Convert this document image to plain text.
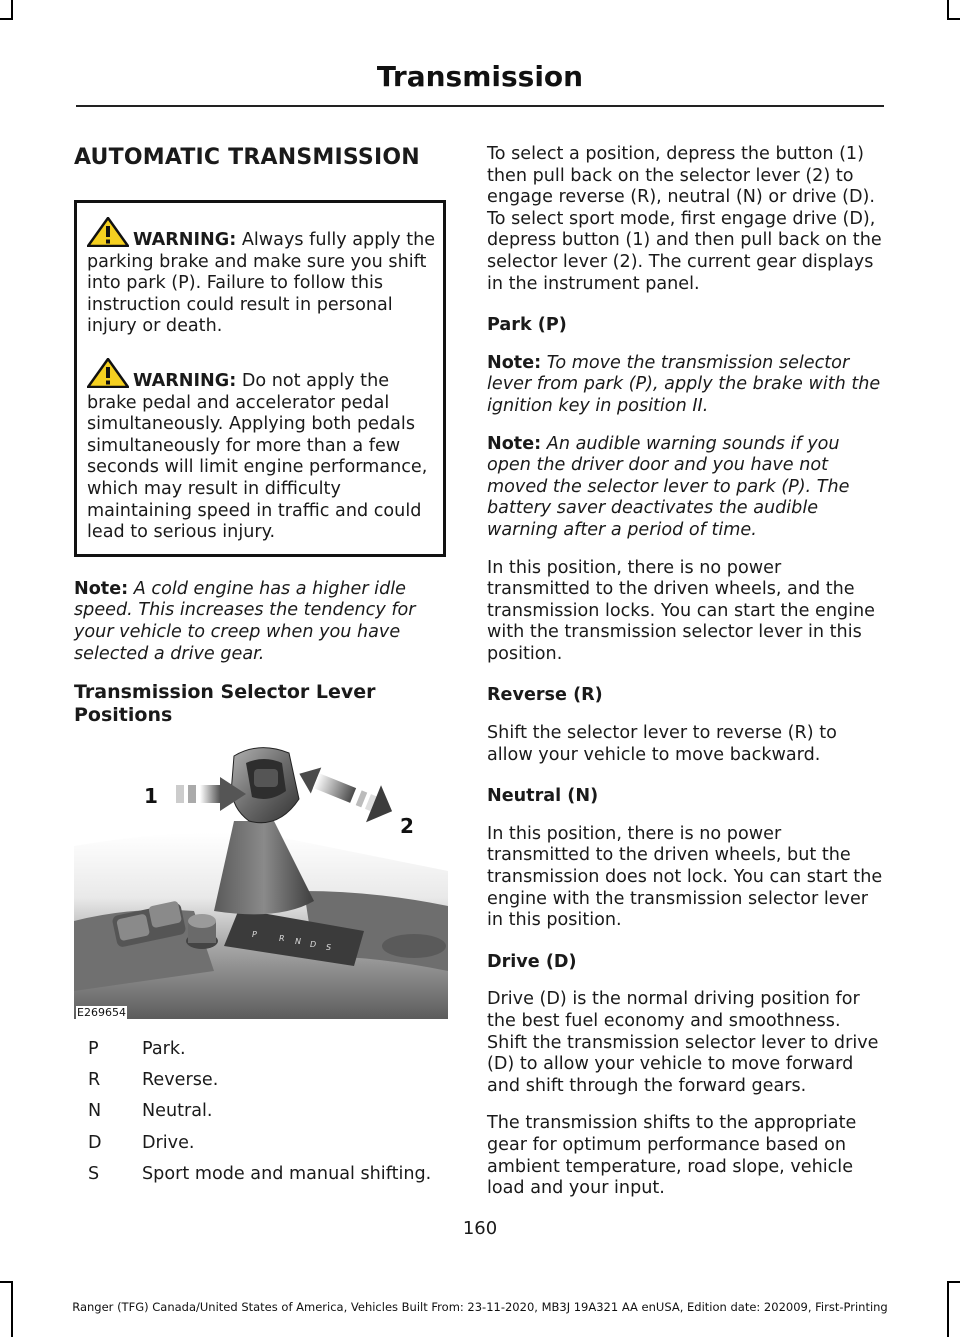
Transmission
AUTOMATIC TRANSMISSION

WARNING: Always fully apply the parking brake and make sure you shift into park (P). Failure to follow this instruction could result in personal injury or death.

WARNING: Do not apply the brake pedal and accelerator pedal simultaneously. Applying both pedals simultaneously for more than a few seconds will limit engine performance, which may result in difficulty maintaining speed in traffic and could lead to serious injury.

Note: A cold engine has a higher idle speed. This increases the tendency for your vehicle to creep when you have selected a drive gear.

Transmission Selector Lever Positions
P	R N D S
1
2
E269654
P	Park.
R	Reverse.
N	Neutral.
D	Drive.
S	Sport mode and manual shifting.

To select a position, depress the button (1) then pull back on the selector lever (2) to engage reverse (R), neutral (N) or drive (D). To select sport mode, first engage drive (D), depress button (1) and then pull back on the selector lever (2). The current gear displays in the instrument panel.

Park (P)

Note: To move the transmission selector lever from park (P), apply the brake with the ignition key in position II.

Note: An audible warning sounds if you open the driver door and you have not moved the selector lever to park (P). The battery saver deactivates the audible warning after a period of time.

In this position, there is no power transmitted to the driven wheels, and the transmission locks. You can start the engine with the transmission selector lever in this position.

Reverse (R)

Shift the selector lever to reverse (R) to allow your vehicle to move backward.

Neutral (N)

In this position, there is no power transmitted to the driven wheels, but the transmission does not lock. You can start the engine with the transmission selector lever in this position.

Drive (D)

Drive (D) is the normal driving position for the best fuel economy and smoothness. Shift the transmission selector lever to drive (D) to allow your vehicle to move forward and shift through the forward gears.

The transmission shifts to the appropriate gear for optimum performance based on ambient temperature, road slope, vehicle load and your input.

160
Ranger (TFG) Canada/United States of America, Vehicles Built From: 23-11-2020, MB3J 19A321 AA enUSA, Edition date: 202009, First-Printing
